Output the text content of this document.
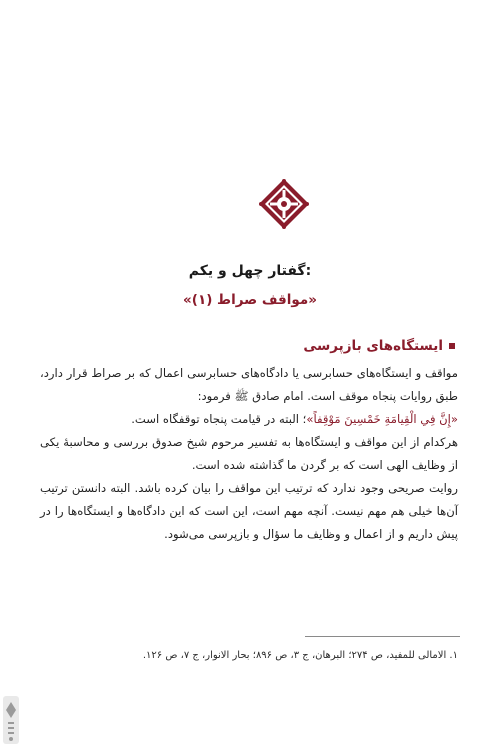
گفتار چهل و یکم:
«مواقف صراط (۱)»
ایستگاه‌های بازپرسی

مواقف و ایستگاه‌های حسابرسی یا دادگاه‌های حسابرسی اعمال که بر صراط قرار دارد، طبق روایات پنجاه موقف است. امام صادق ﷺ فرمود:

«إِنَّ فِي الْقِيامَةِ خَمْسِينَ مَوْقِفاً»؛ البته در قیامت پنجاه توقفگاه است.

هرکدام از این مواقف و ایستگاه‌ها به تفسیر مرحوم شیخ صدوق بررسی و محاسبهٔ یکی از وظایف الهی است که بر گردن ما گذاشته شده است.

روایت صریحی وجود ندارد که ترتیب این مواقف را بیان کرده باشد. البته دانستن ترتیب آن‌ها خیلی هم مهم نیست. آنچه مهم است، این است که این دادگاه‌ها و ایستگاه‌ها را در پیش داریم و از اعمال و وظایف ما سؤال و بازپرسی می‌شود.

۱. الامالی للمفید، ص ۲۷۴؛ البرهان، ج ۳، ص ۸۹۶؛ بحار الانوار، ج ۷، ص ۱۲۶.
